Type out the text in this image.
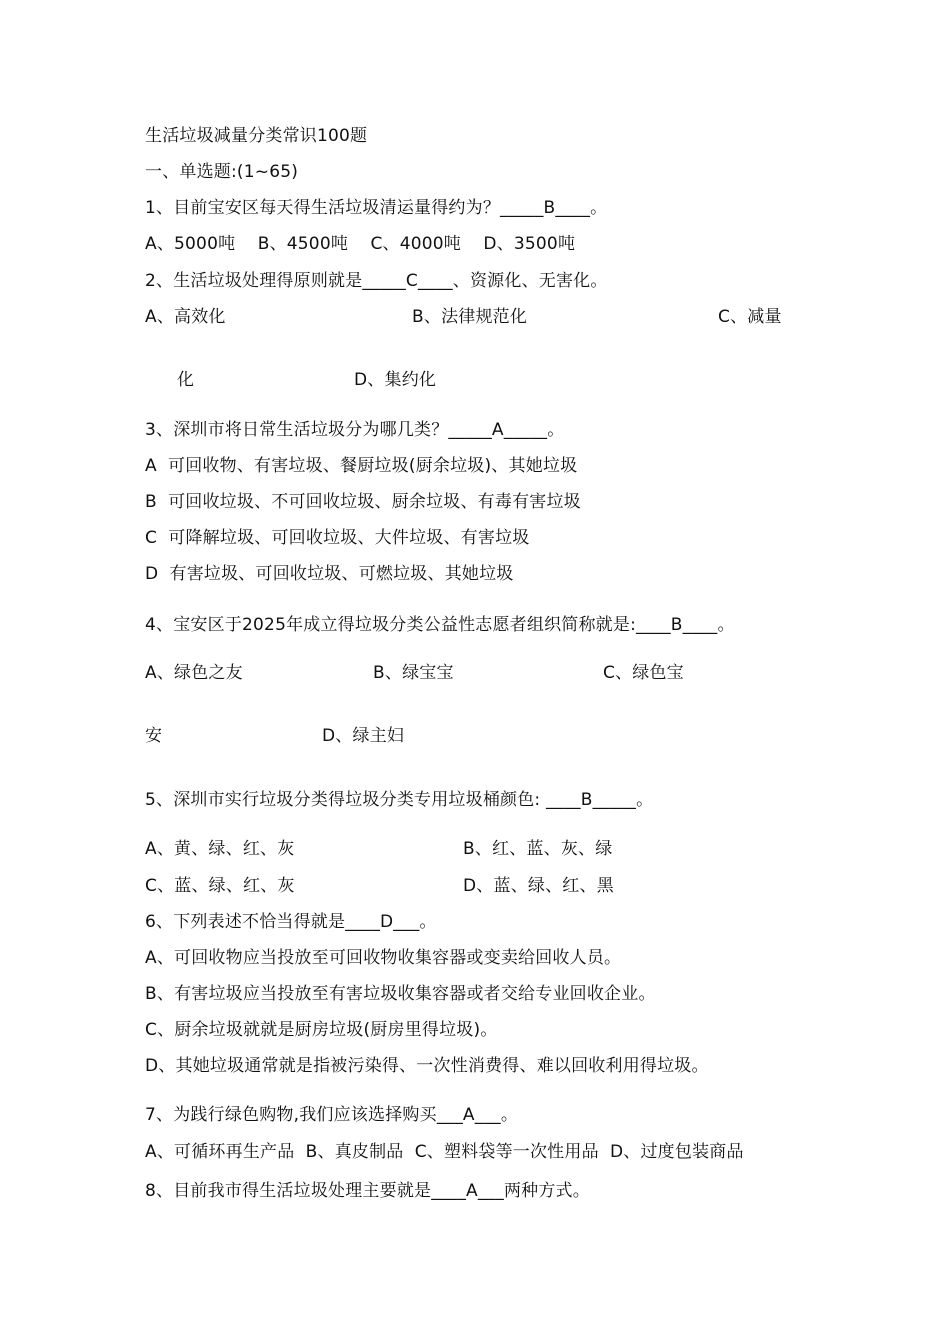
生活垃圾减量分类常识100题
一、单选题:(1~65)
1、目前宝安区每天得生活垃圾清运量得约为？_____B____。
A、5000吨    B、4500吨    C、4000吨    D、3500吨
2、生活垃圾处理得原则就是_____C____、资源化、无害化。
A、高效化	B、法律规范化	C、减量
化	D、集约化
3、深圳市将日常生活垃圾分为哪几类？_____A_____。
A  可回收物、有害垃圾、餐厨垃圾(厨余垃圾)、其她垃圾
B  可回收垃圾、不可回收垃圾、厨余垃圾、有毒有害垃圾
C  可降解垃圾、可回收垃圾、大件垃圾、有害垃圾
D  有害垃圾、可回收垃圾、可燃垃圾、其她垃圾
4、宝安区于2025年成立得垃圾分类公益性志愿者组织简称就是:____B____。
A、绿色之友	B、绿宝宝	C、绿色宝
安	D、绿主妇
5、深圳市实行垃圾分类得垃圾分类专用垃圾桶颜色: ____B_____。
A、黄、绿、红、灰	B、红、蓝、灰、绿
C、蓝、绿、红、灰	D、蓝、绿、红、黑
6、下列表述不恰当得就是____D___。
A、可回收物应当投放至可回收物收集容器或变卖给回收人员。
B、有害垃圾应当投放至有害垃圾收集容器或者交给专业回收企业。
C、厨余垃圾就就是厨房垃圾(厨房里得垃圾)。
D、其她垃圾通常就是指被污染得、一次性消费得、难以回收利用得垃圾。
7、为践行绿色购物,我们应该选择购买___A___。
A、可循环再生产品  B、真皮制品  C、塑料袋等一次性用品  D、过度包装商品
8、目前我市得生活垃圾处理主要就是____A___两种方式。
